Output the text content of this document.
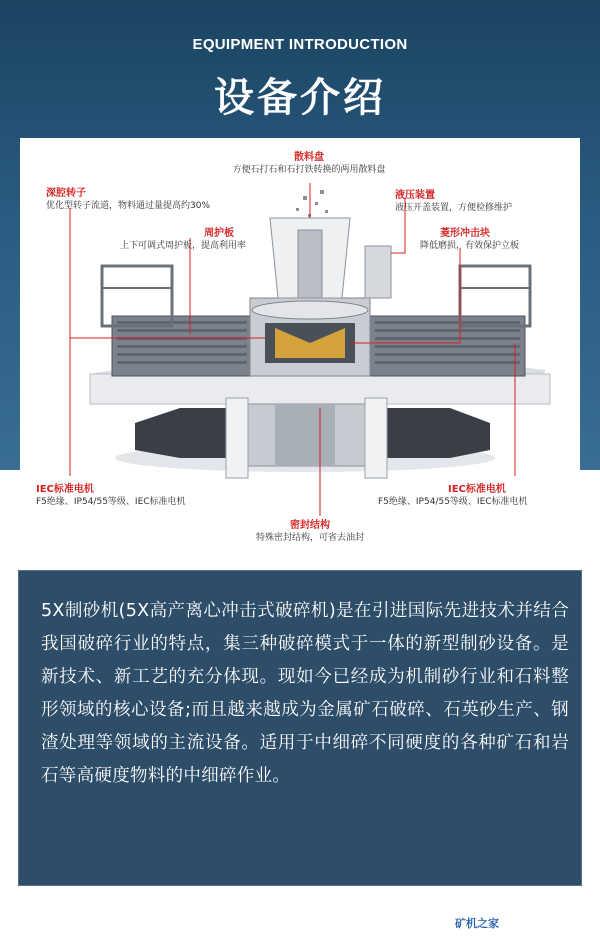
EQUIPMENT INTRODUCTION
设备介绍
散料盘
方便石打石和石打铁转换的两用散料盘
深腔转子
优化型转子流道，物料通过量提高约30%
液压装置
液压开盖装置，方便检修维护
周护板
上下可调式周护板，提高利用率
菱形冲击块
降低磨损，有效保护立板
IEC标准电机
F5绝缘、IP54/55等级、IEC标准电机
IEC标准电机
F5绝缘、IP54/55等级、IEC标准电机
密封结构
特殊密封结构，可省去油封

5X制砂机(5X高产离心冲击式破碎机)是在引进国际先进技术并结合我国破碎行业的特点，集三种破碎模式于一体的新型制砂设备。是新技术、新工艺的充分体现。现如今已经成为机制砂行业和石料整形领域的核心设备;而且越来越成为金属矿石破碎、石英砂生产、钢渣处理等领域的主流设备。适用于中细碎不同硬度的各种矿石和岩石等高硬度物料的中细碎作业。

矿机之家
